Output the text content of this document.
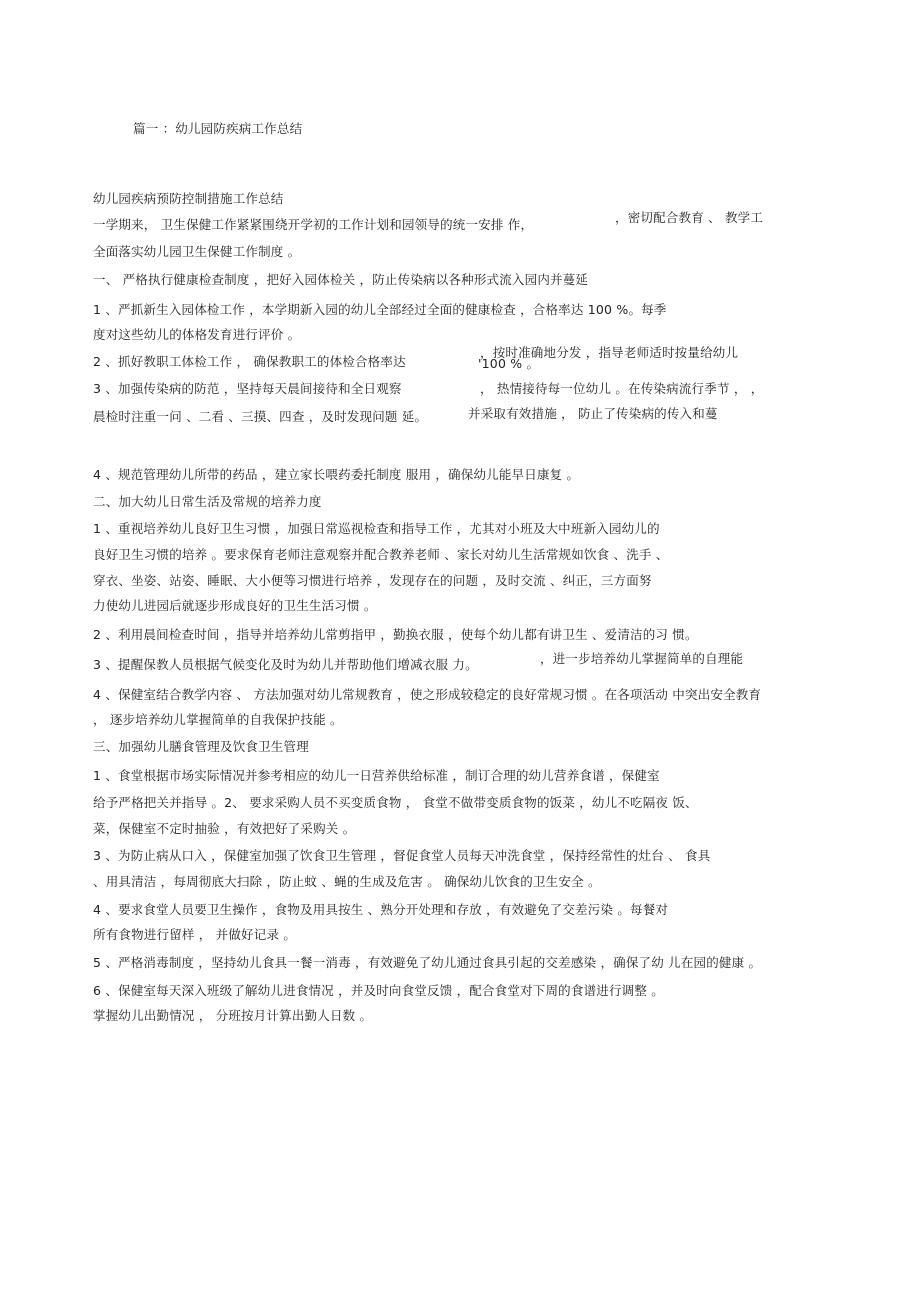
篇一 ：幼儿园防疾病工作总结
幼儿园疾病预防控制措施工作总结
一学期来， 卫生保健工作紧紧围绕开学初的工作计划和园领导的统一安排 作，	，密切配合教育 、 教学工
全面落实幼儿园卫生保健工作制度 。
一、 严格执行健康检查制度 ，把好入园体检关 ，防止传染病以各种形式流入园内并蔓延
1 、严抓新生入园体检工作 ，本学期新入园的幼儿全部经过全面的健康检查 ，合格率达 100 %。每季
度对这些幼儿的体格发育进行评价 。
2 、抓好教职工体检工作 ， 确保教职工的体检合格率达
，按时准确地分发 ，指导老师适时按量给幼儿
'100 % 。
3 、加强传染病的防范 ，坚持每天晨间接待和全日观察	， 热情接待每一位幼儿 。在传染病流行季节 ， ，
晨检时注重一问 、二看 、三摸、四查 ，及时发现问题 延。	并采取有效措施 ， 防止了传染病的传入和蔓
4 、规范管理幼儿所带的药品 ，建立家长喂药委托制度 服用 ，确保幼儿能早日康复 。
二、加大幼儿日常生活及常规的培养力度
1 、重视培养幼儿良好卫生习惯 ，加强日常巡视检查和指导工作 ，尤其对小班及大中班新入园幼儿的
良好卫生习惯的培养 。要求保育老师注意观察并配合教养老师 、家长对幼儿生活常规如饮食 、洗手 、
穿衣、坐姿、站姿、睡眠、大小便等习惯进行培养 ，发现存在的问题 ，及时交流 、纠正，三方面努
力使幼儿进园后就逐步形成良好的卫生生活习惯 。
2 、利用晨间检查时间 ，指导并培养幼儿常剪指甲 ，勤换衣服 ，使每个幼儿都有讲卫生 、爱清洁的习 惯。
3 、提醒保教人员根据气候变化及时为幼儿并帮助他们增减衣服 力。	，进一步培养幼儿掌握简单的自理能
4 、保健室结合教学内容 、 方法加强对幼儿常规教育 ，使之形成较稳定的良好常规习惯 。在各项活动 中突出安全教育
， 逐步培养幼儿掌握简单的自我保护技能 。
三、加强幼儿膳食管理及饮食卫生管理
1 、食堂根据市场实际情况并参考相应的幼儿一日营养供给标准 ，制订合理的幼儿营养食谱 ，保健室
给予严格把关并指导 。2、 要求采购人员不买变质食物 ， 食堂不做带变质食物的饭菜 ，幼儿不吃隔夜 饭、
菜，保健室不定时抽验 ，有效把好了采购关 。
3 、为防止病从口入 ，保健室加强了饮食卫生管理 ，督促食堂人员每天冲洗食堂 ，保持经常性的灶台 、 食具
、用具清洁 ，每周彻底大扫除 ，防止蚊 、蝇的生成及危害 。 确保幼儿饮食的卫生安全 。
4 、要求食堂人员要卫生操作 ，食物及用具按生 、熟分开处理和存放 ，有效避免了交差污染 。每餐对
所有食物进行留样 ， 并做好记录 。
5 、严格消毒制度 ，坚持幼儿食具一餐一消毒 ，有效避免了幼儿通过食具引起的交差感染 ，确保了幼 儿在园的健康 。
6 、保健室每天深入班级了解幼儿进食情况 ，并及时向食堂反馈 ，配合食堂对下周的食谱进行调整 。
掌握幼儿出勤情况 ， 分班按月计算出勤人日数 。
